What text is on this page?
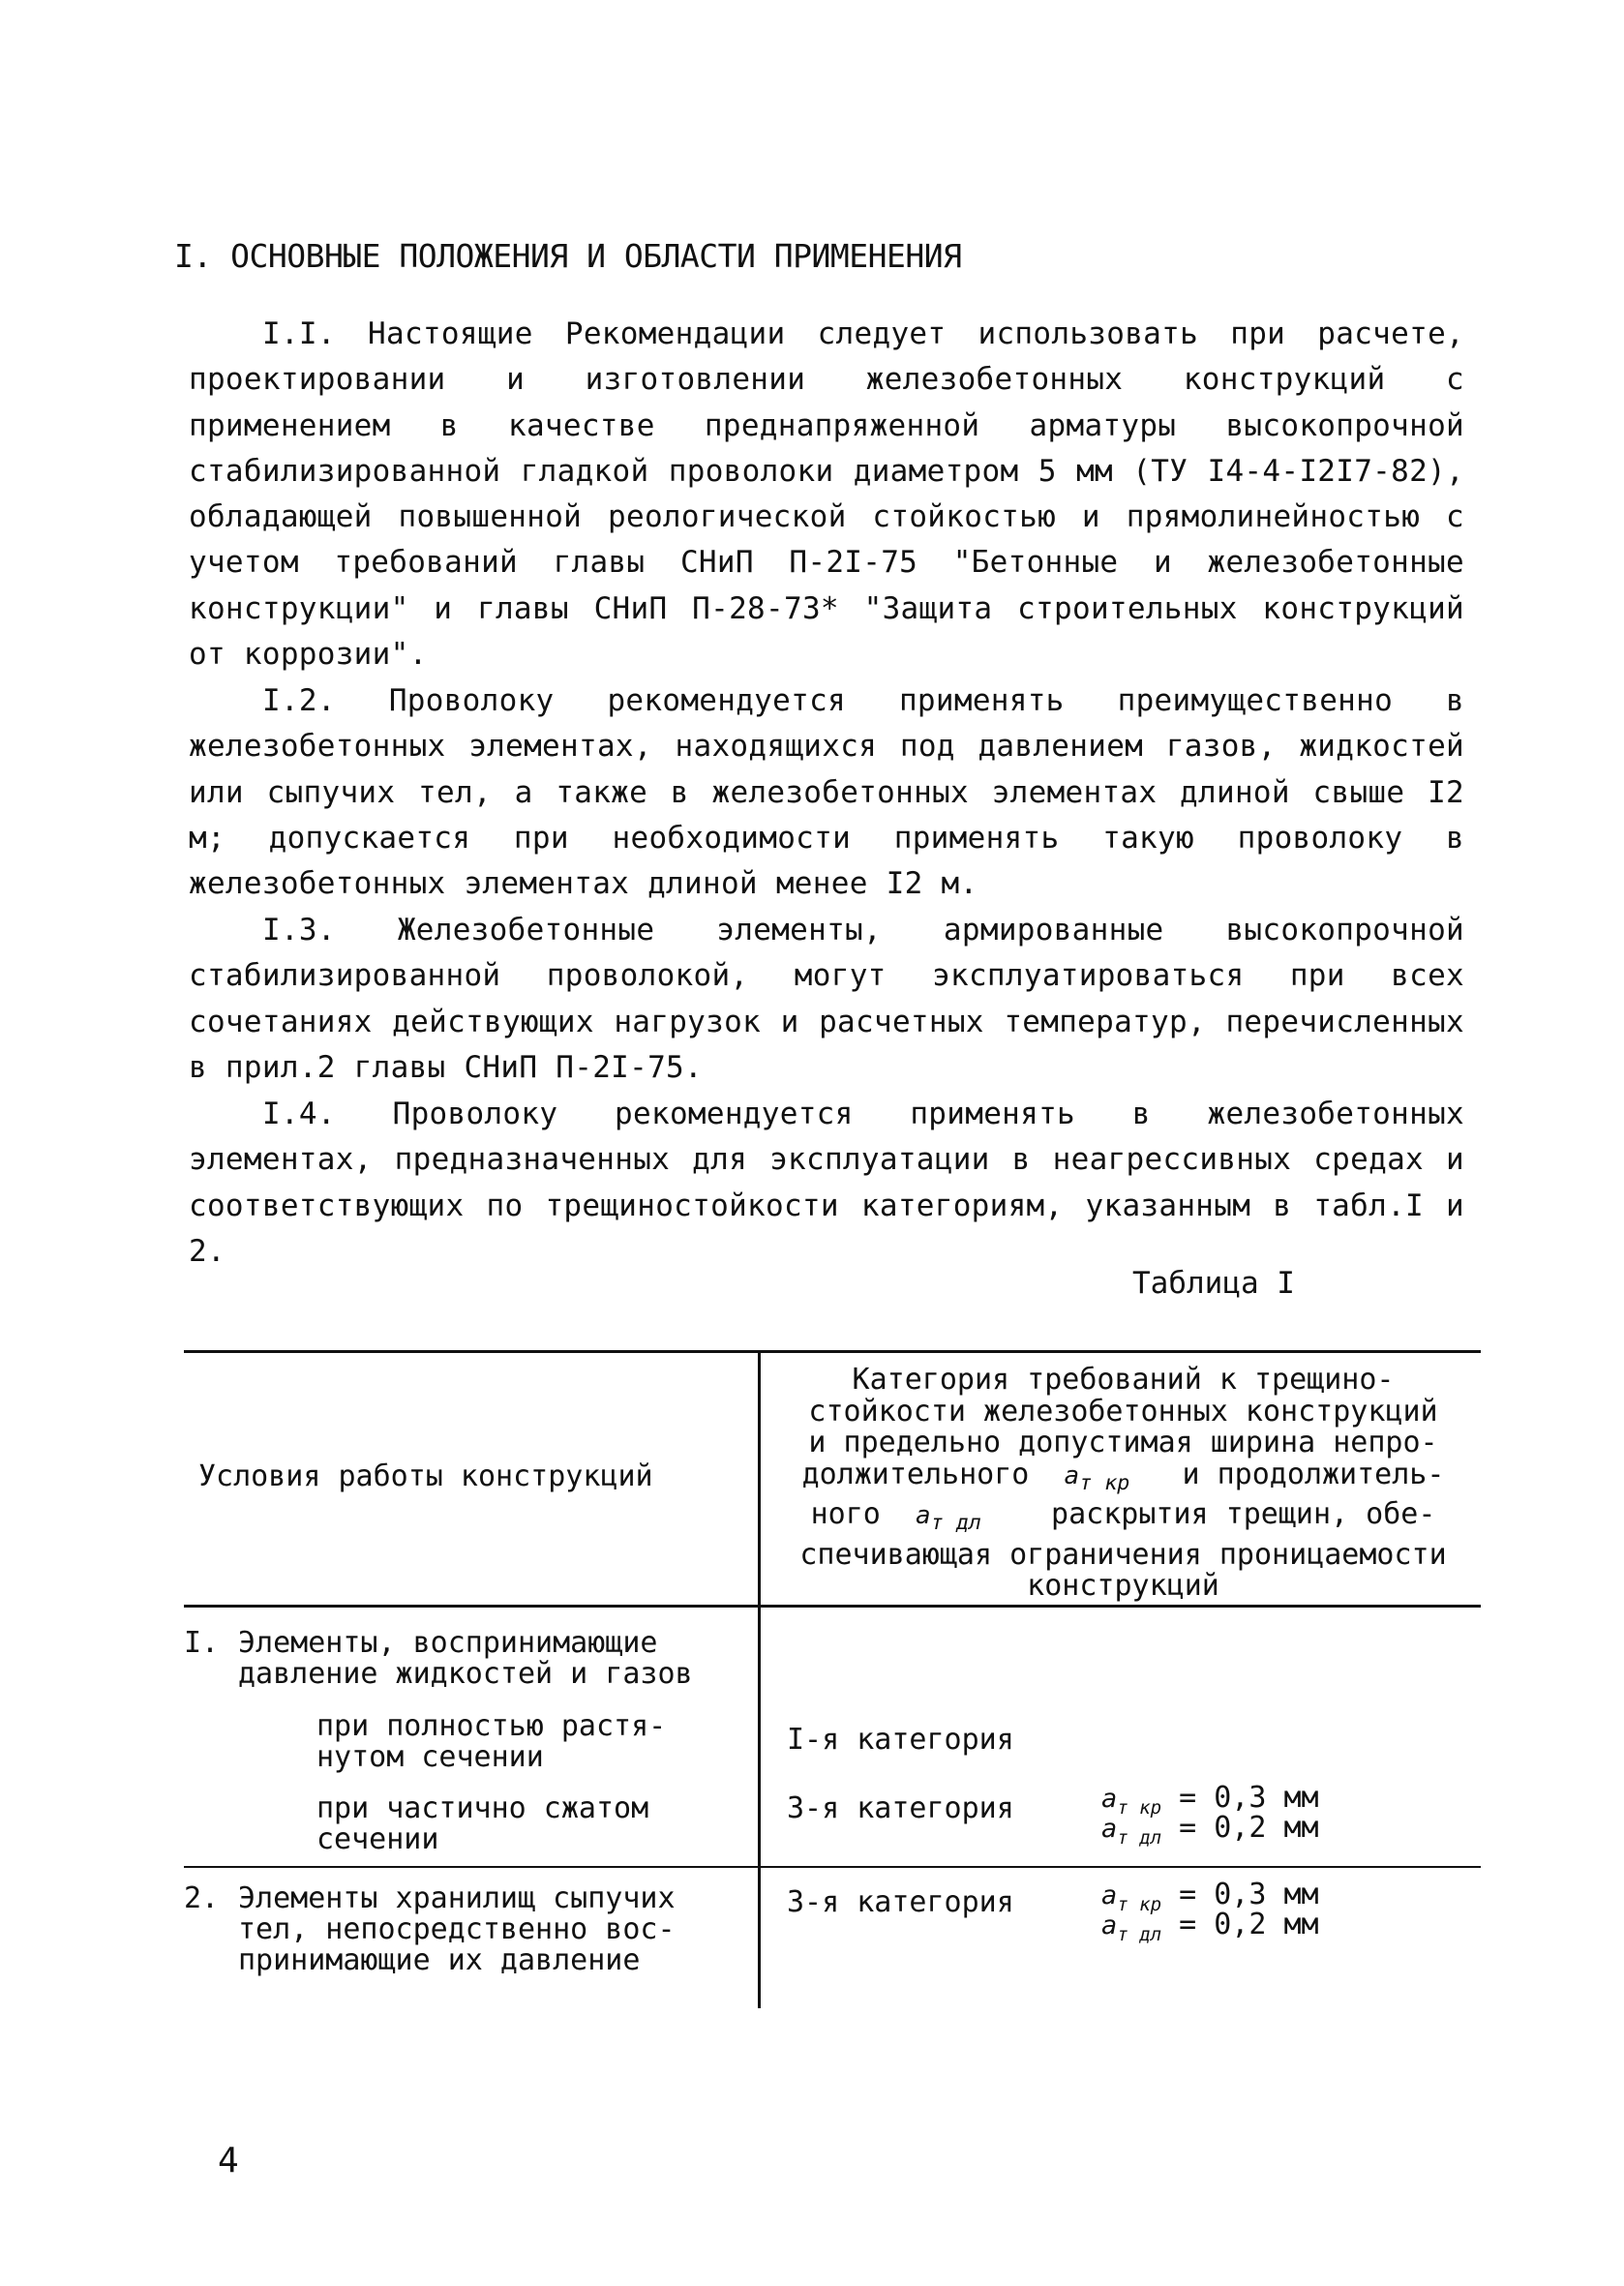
I. ОСНОВНЫЕ ПОЛОЖЕНИЯ И ОБЛАСТИ ПРИМЕНЕНИЯ

I.I. Настоящие Рекомендации следует использовать при расчете, проектировании и изготовлении железобетонных конструкций с применением в качестве преднапряженной арматуры высокопрочной стабилизированной гладкой проволоки диаметром 5 мм (ТУ I4-4-I2I7-82), обладающей повышенной реологической стойкостью и прямолинейностью с учетом требований главы СНиП П-2I-75 "Бетонные и железобетонные конструкции" и главы СНиП П-28-73* "Защита строительных конструкций от коррозии".

I.2. Проволоку рекомендуется применять преимущественно в железобетонных элементах, находящихся под давлением газов, жидкостей или сыпучих тел, а также в железобетонных элементах длиной свыше I2 м; допускается при необходимости применять такую проволоку в железобетонных элементах длиной менее I2 м.

I.3. Железобетонные элементы, армированные высокопрочной стабилизированной проволокой, могут эксплуатироваться при всех сочетаниях действующих нагрузок и расчетных температур, перечисленных в прил.2 главы СНиП П-2I-75.

I.4. Проволоку рекомендуется применять в железобетонных элементах, предназначенных для эксплуатации в неагрессивных средах и соответствующих по трещиностойкости категориям, указанным в табл.I и 2.

Таблица I

Условия работы конструкций
Категория требований к трещино-
стойкости железобетонных конструкций
и предельно допустимая ширина непро-
должительного $a_{т кр}$ и продолжитель-
ного $a_{т дл}$ раскрытия трещин, обе-
спечивающая ограничения проницаемости
конструкций
I. Элементы, воспринимающие
давление жидкостей и газов
при полностью растя-
нутом сечении
при частично сжатом
сечении
I-я категория
3-я категория	$a_{т кр} = 0,3$ мм
$a_{т дл} = 0,2$ мм
2. Элементы хранилищ сыпучих

тел, непосредственно вос-
принимающие их давление
3-я категория	$a_{т кр} = 0,3$ мм
$a_{т дл} = 0,2$ мм

4
